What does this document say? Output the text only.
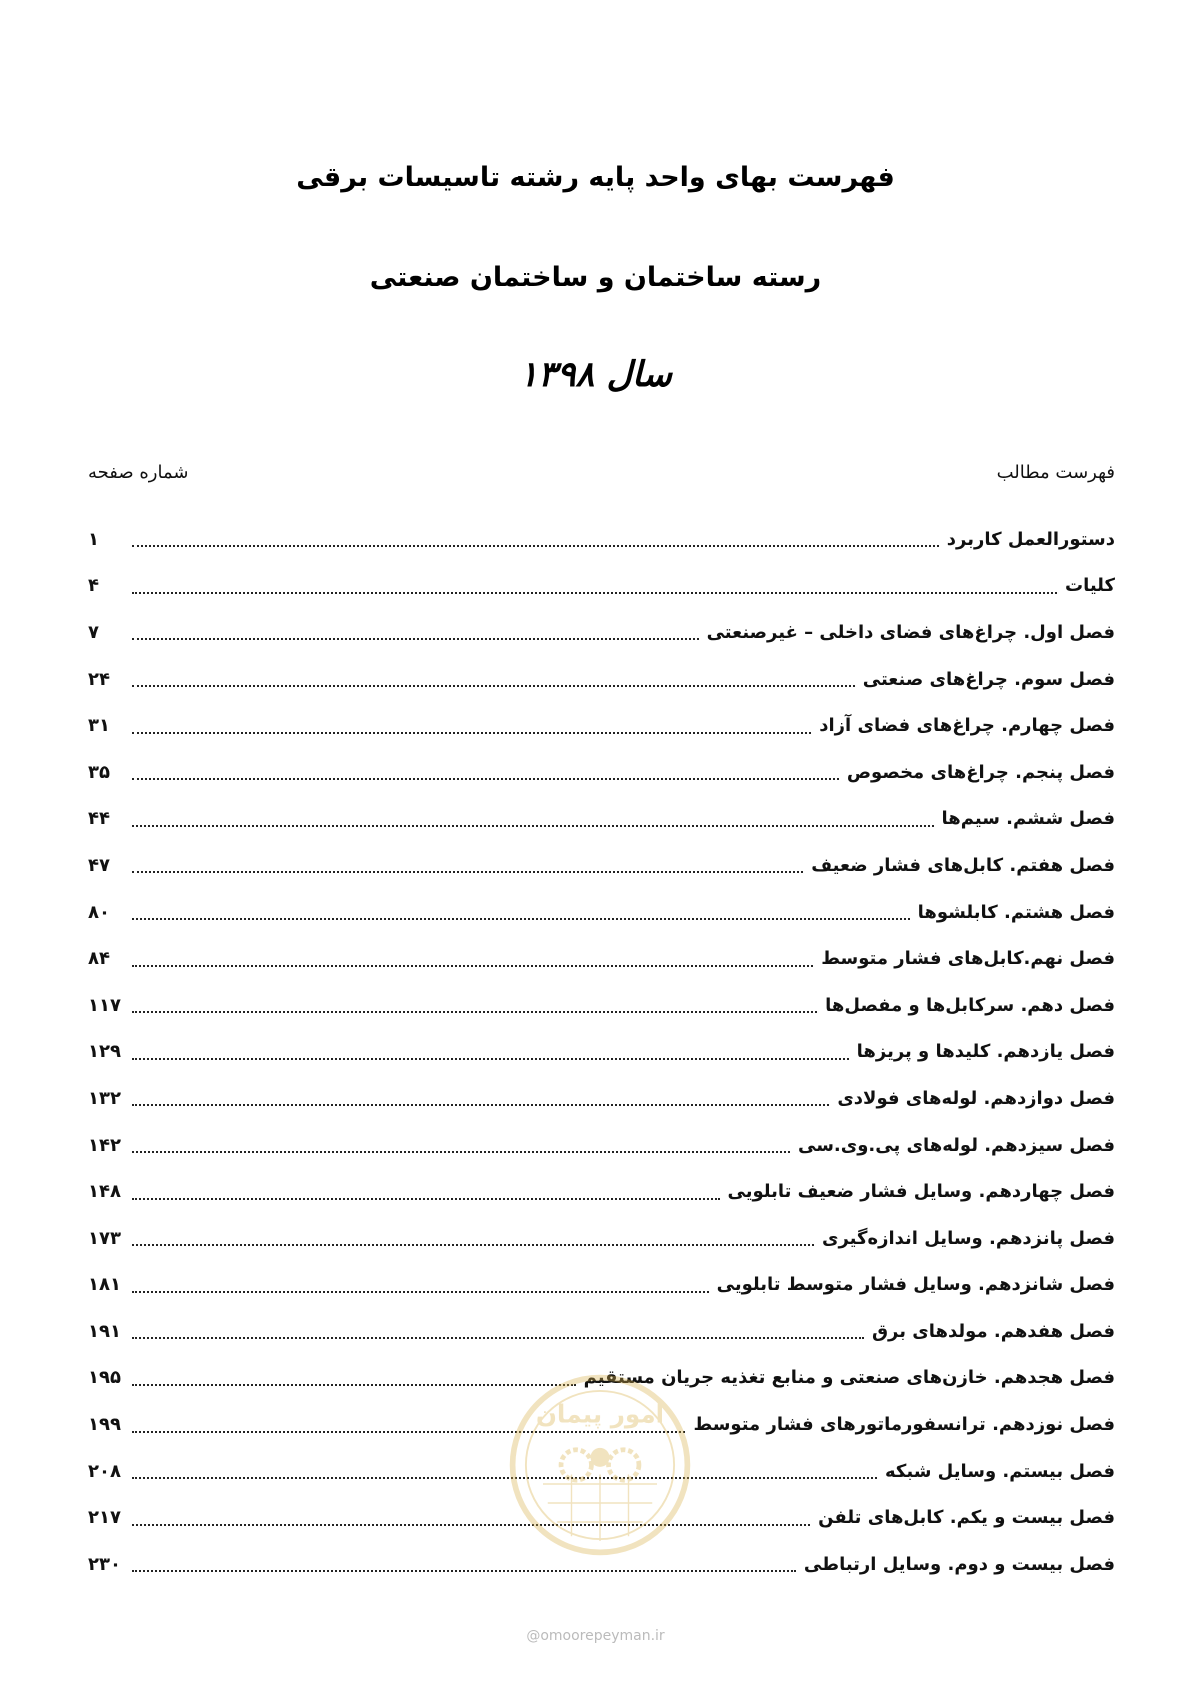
فهرست بهای واحد پایه رشته تاسیسات برقی
رسته ساختمان و ساختمان صنعتی
سال ۱۳۹۸
فهرست مطالب
شماره صفحه
دستورالعمل کاربرد
۱
کلیات
۴
فصل اول. چراغ‌های فضای داخلی – غیرصنعتی
۷
فصل سوم. چراغ‌های صنعتی
۲۴
فصل چهارم. چراغ‌های فضای آزاد
۳۱
فصل پنجم. چراغ‌های مخصوص
۳۵
فصل ششم. سیم‌ها
۴۴
فصل هفتم. کابل‌های فشار ضعیف
۴۷
فصل هشتم. کابلشوها
۸۰
فصل نهم.کابل‌های فشار متوسط
۸۴
فصل دهم. سرکابل‌ها و مفصل‌ها
۱۱۷
فصل یازدهم. کلیدها و پریزها
۱۲۹
فصل دوازدهم. لوله‌های فولادی
۱۳۲
فصل سیزدهم. لوله‌های پی.وی.سی
۱۴۲
فصل چهاردهم. وسایل فشار ضعیف تابلویی
۱۴۸
فصل پانزدهم. وسایل اندازه‌گیری
۱۷۳
فصل شانزدهم. وسایل فشار متوسط تابلویی
۱۸۱
فصل هفدهم. مولدهای برق
۱۹۱
فصل هجدهم. خازن‌های صنعتی و منابع تغذیه جریان مستقیم
۱۹۵
فصل نوزدهم. ترانسفورماتورهای فشار متوسط
۱۹۹
فصل بیستم. وسایل شبکه
۲۰۸
فصل بیست و یکم. کابل‌های تلفن
۲۱۷
فصل بیست و دوم. وسایل ارتباطی
۲۳۰
امور پیمان
@omoorepeyman.ir
